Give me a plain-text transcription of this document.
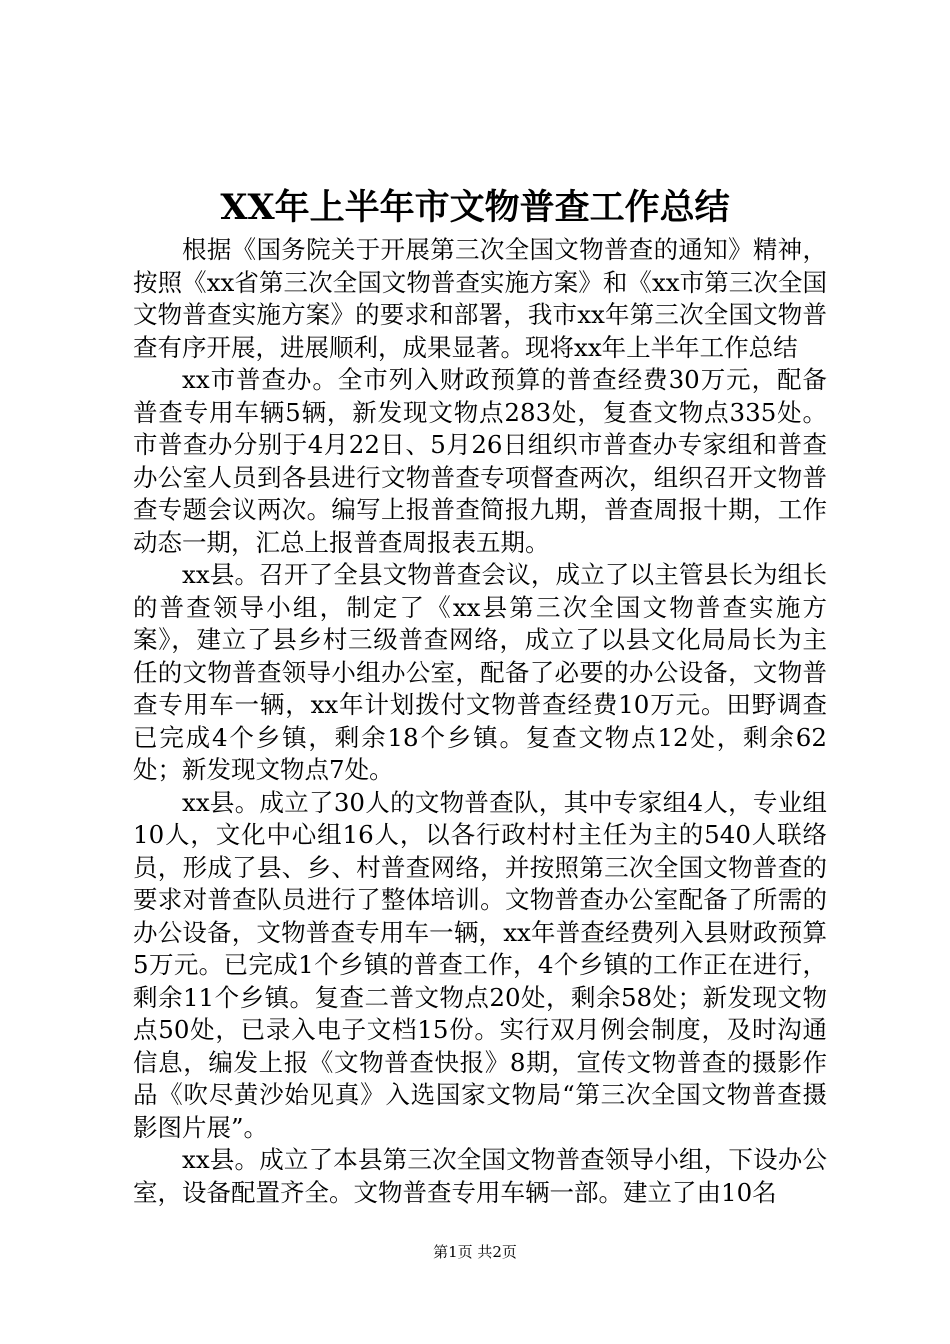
XX年上半年市文物普查工作总结

根据《国务院关于开展第三次全国文物普查的通知》精神，按照《xx省第三次全国文物普查实施方案》和《xx市第三次全国文物普查实施方案》的要求和部署，我市xx年第三次全国文物普查有序开展，进展顺利，成果显著。现将xx年上半年工作总结

xx市普查办。全市列入财政预算的普查经费30万元，配备普查专用车辆5辆，新发现文物点283处，复查文物点335处。市普查办分别于4月22日、5月26日组织市普查办专家组和普查办公室人员到各县进行文物普查专项督查两次，组织召开文物普查专题会议两次。编写上报普查简报九期，普查周报十期，工作动态一期，汇总上报普查周报表五期。

xx县。召开了全县文物普查会议，成立了以主管县长为组长的普查领导小组，制定了《xx县第三次全国文物普查实施方案》，建立了县乡村三级普查网络，成立了以县文化局局长为主任的文物普查领导小组办公室，配备了必要的办公设备，文物普查专用车一辆，xx年计划拨付文物普查经费10万元。田野调查已完成4个乡镇，剩余18个乡镇。复查文物点12处，剩余62处；新发现文物点7处。

xx县。成立了30人的文物普查队，其中专家组4人，专业组10人，文化中心组16人，以各行政村村主任为主的540人联络员，形成了县、乡、村普查网络，并按照第三次全国文物普查的要求对普查队员进行了整体培训。文物普查办公室配备了所需的办公设备，文物普查专用车一辆，xx年普查经费列入县财政预算5万元。已完成1个乡镇的普查工作，4个乡镇的工作正在进行，剩余11个乡镇。复查二普文物点20处，剩余58处；新发现文物点50处，已录入电子文档15份。实行双月例会制度，及时沟通信息，编发上报《文物普查快报》8期，宣传文物普查的摄影作品《吹尽黄沙始见真》入选国家文物局“第三次全国文物普查摄影图片展”。

xx县。成立了本县第三次全国文物普查领导小组，下设办公室，设备配置齐全。文物普查专用车辆一部。建立了由10名

第1页 共2页
